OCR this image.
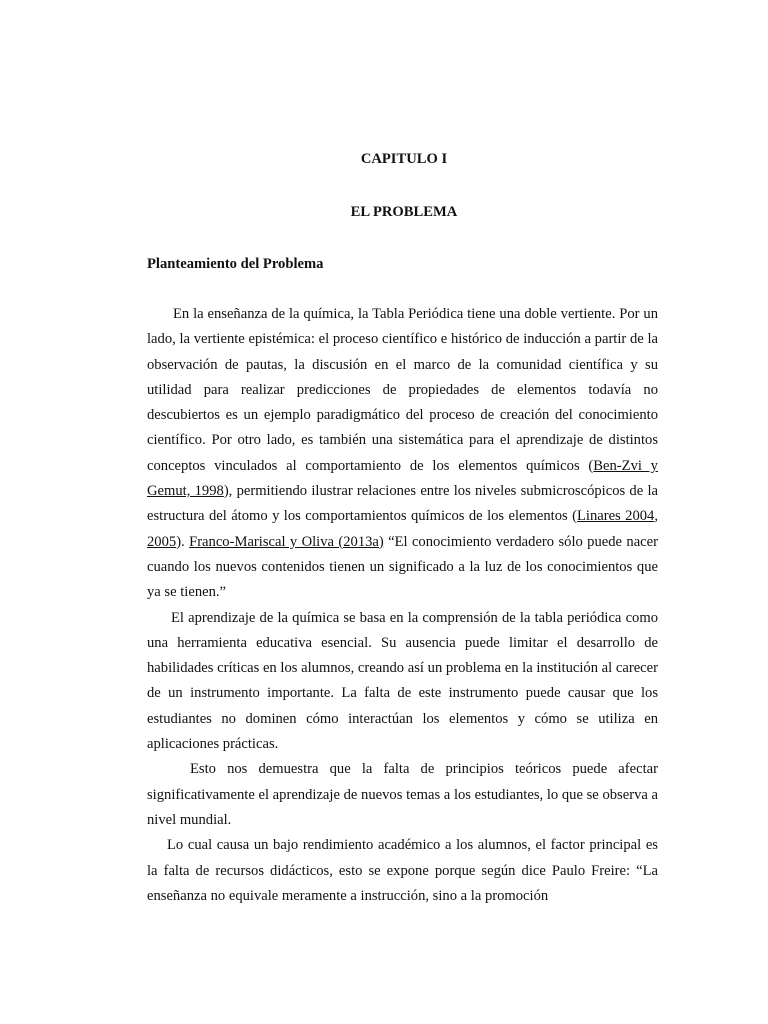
CAPITULO I
EL PROBLEMA
Planteamiento del Problema

En la enseñanza de la química, la Tabla Periódica tiene una doble vertiente. Por un lado, la vertiente epistémica: el proceso científico e histórico de inducción a partir de la observación de pautas, la discusión en el marco de la comunidad científica y su utilidad para realizar predicciones de propiedades de elementos todavía no descubiertos es un ejemplo paradigmático del proceso de creación del conocimiento científico. Por otro lado, es también una sistemática para el aprendizaje de distintos conceptos vinculados al comportamiento de los elementos químicos (Ben-Zvi y Gemut, 1998), permitiendo ilustrar relaciones entre los niveles submicroscópicos de la estructura del átomo y los comportamientos químicos de los elementos (Linares 2004, 2005). Franco-Mariscal y Oliva (2013a) “El conocimiento verdadero sólo puede nacer cuando los nuevos contenidos tienen un significado a la luz de los conocimientos que ya se tienen.”

El aprendizaje de la química se basa en la comprensión de la tabla periódica como una herramienta educativa esencial. Su ausencia puede limitar el desarrollo de habilidades críticas en los alumnos, creando así un problema en la institución al carecer de un instrumento importante. La falta de este instrumento puede causar que los estudiantes no dominen cómo interactúan los elementos y cómo se utiliza en aplicaciones prácticas.

Esto nos demuestra que la falta de principios teóricos puede afectar significativamente el aprendizaje de nuevos temas a los estudiantes, lo que se observa a nivel mundial.

Lo cual causa un bajo rendimiento académico a los alumnos, el factor principal es la falta de recursos didácticos, esto se expone porque según dice Paulo Freire: “La enseñanza no equivale meramente a instrucción, sino a la promoción
